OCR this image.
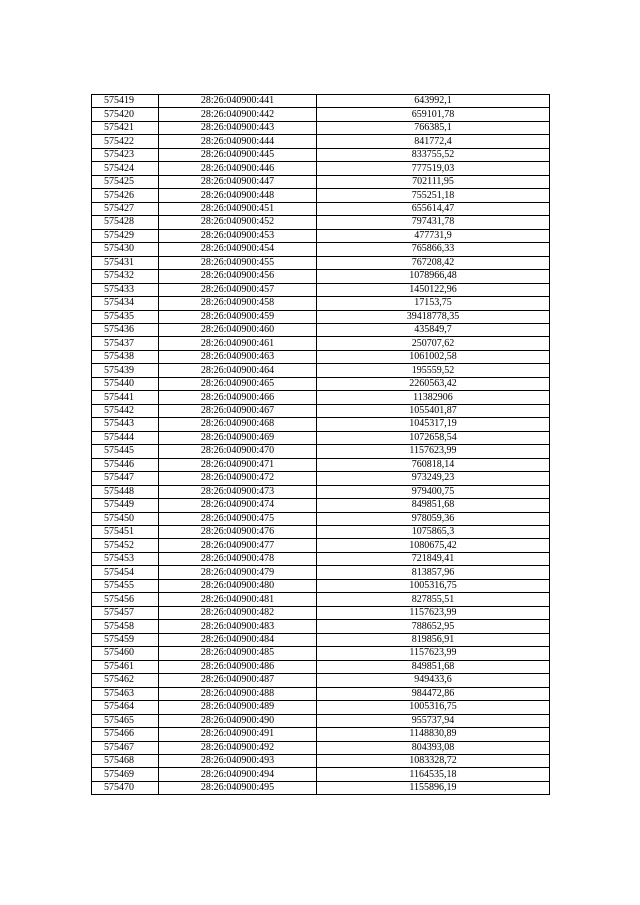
575419	28:26:040900:441	643992,1
575420	28:26:040900:442	659101,78
575421	28:26:040900:443	766385,1
575422	28:26:040900:444	841772,4
575423	28:26:040900:445	833755,52
575424	28:26:040900:446	777519,03
575425	28:26:040900:447	702111,95
575426	28:26:040900:448	755251,18
575427	28:26:040900:451	655614,47
575428	28:26:040900:452	797431,78
575429	28:26:040900:453	477731,9
575430	28:26:040900:454	765866,33
575431	28:26:040900:455	767208,42
575432	28:26:040900:456	1078966,48
575433	28:26:040900:457	1450122,96
575434	28:26:040900:458	17153,75
575435	28:26:040900:459	39418778,35
575436	28:26:040900:460	435849,7
575437	28:26:040900:461	250707,62
575438	28:26:040900:463	1061002,58
575439	28:26:040900:464	195559,52
575440	28:26:040900:465	2260563,42
575441	28:26:040900:466	11382906
575442	28:26:040900:467	1055401,87
575443	28:26:040900:468	1045317,19
575444	28:26:040900:469	1072658,54
575445	28:26:040900:470	1157623,99
575446	28:26:040900:471	760818,14
575447	28:26:040900:472	973249,23
575448	28:26:040900:473	979400,75
575449	28:26:040900:474	849851,68
575450	28:26:040900:475	978059,36
575451	28:26:040900:476	1075865,3
575452	28:26:040900:477	1080675,42
575453	28:26:040900:478	721849,41
575454	28:26:040900:479	813857,96
575455	28:26:040900:480	1005316,75
575456	28:26:040900:481	827855,51
575457	28:26:040900:482	1157623,99
575458	28:26:040900:483	788652,95
575459	28:26:040900:484	819856,91
575460	28:26:040900:485	1157623,99
575461	28:26:040900:486	849851,68
575462	28:26:040900:487	949433,6
575463	28:26:040900:488	984472,86
575464	28:26:040900:489	1005316,75
575465	28:26:040900:490	955737,94
575466	28:26:040900:491	1148830,89
575467	28:26:040900:492	804393,08
575468	28:26:040900:493	1083328,72
575469	28:26:040900:494	1164535,18
575470	28:26:040900:495	1155896,19
